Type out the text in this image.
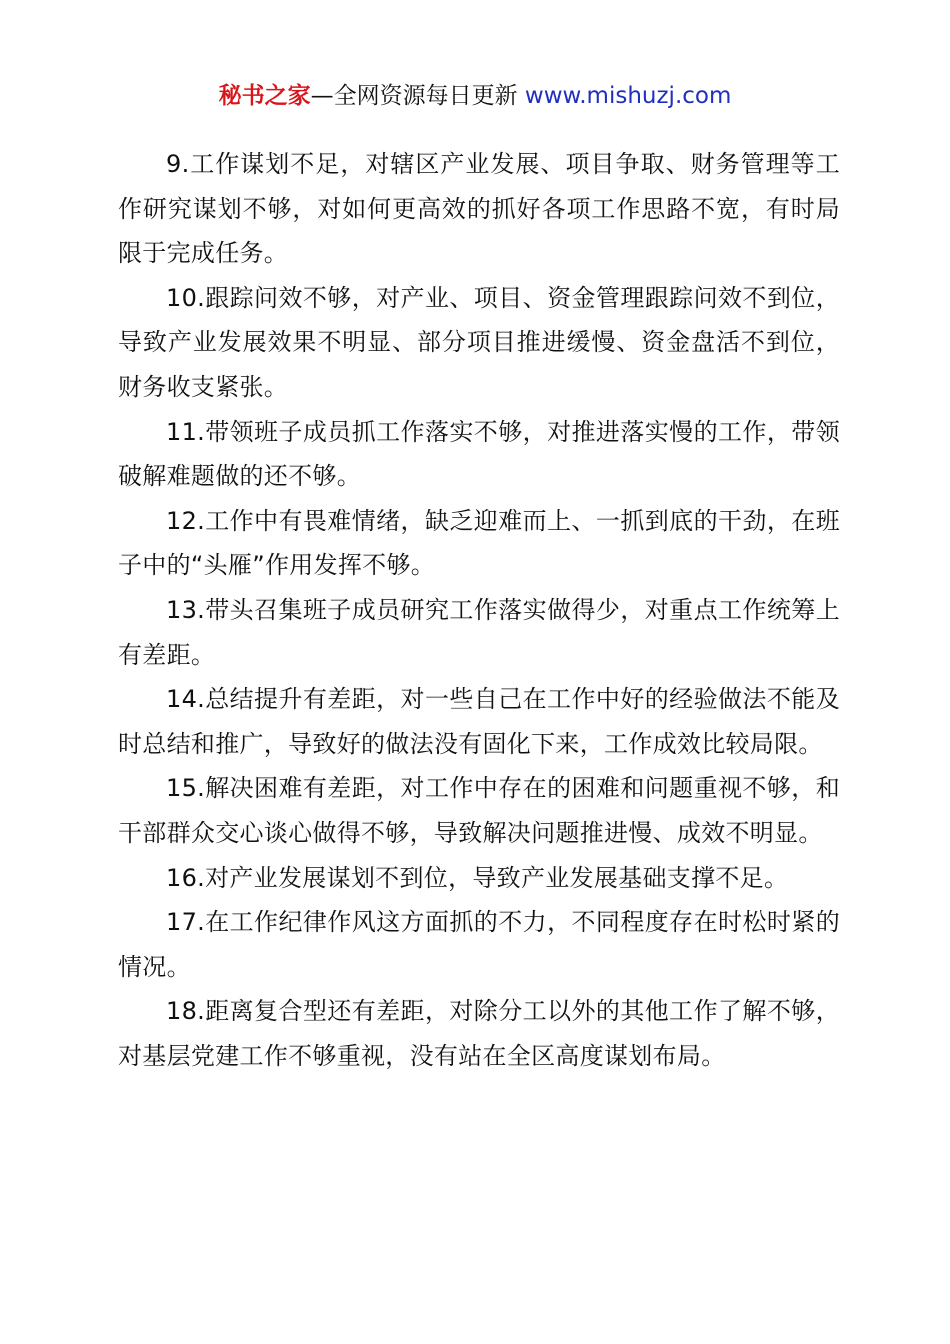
秘书之家—全网资源每日更新 www.mishuzj.com

9.工作谋划不足，对辖区产业发展、项目争取、财务管理等工作研究谋划不够，对如何更高效的抓好各项工作思路不宽，有时局限于完成任务。

10.跟踪问效不够，对产业、项目、资金管理跟踪问效不到位，导致产业发展效果不明显、部分项目推进缓慢、资金盘活不到位，财务收支紧张。

11.带领班子成员抓工作落实不够，对推进落实慢的工作，带领破解难题做的还不够。

12.工作中有畏难情绪，缺乏迎难而上、一抓到底的干劲，在班子中的“头雁”作用发挥不够。

13.带头召集班子成员研究工作落实做得少，对重点工作统筹上有差距。

14.总结提升有差距，对一些自己在工作中好的经验做法不能及时总结和推广，导致好的做法没有固化下来，工作成效比较局限。

15.解决困难有差距，对工作中存在的困难和问题重视不够，和干部群众交心谈心做得不够，导致解决问题推进慢、成效不明显。

16.对产业发展谋划不到位，导致产业发展基础支撑不足。

17.在工作纪律作风这方面抓的不力，不同程度存在时松时紧的情况。

18.距离复合型还有差距，对除分工以外的其他工作了解不够，对基层党建工作不够重视，没有站在全区高度谋划布局。
